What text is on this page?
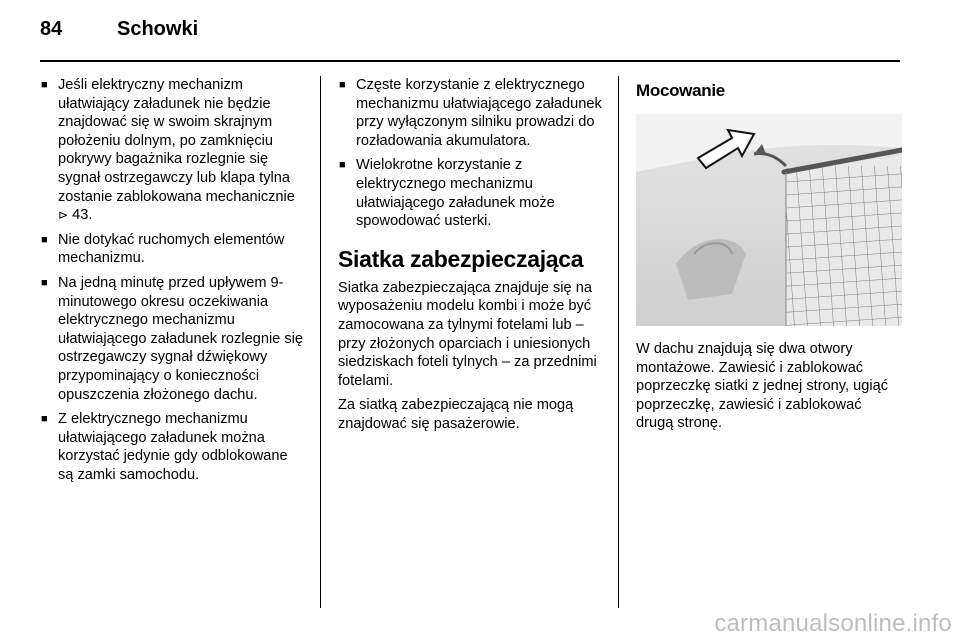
84	Schowki
■ Jeśli elektryczny mechanizm ułatwiający załadunek nie będzie znajdować się w swoim skrajnym położeniu dolnym, po zamknięciu pokrywy bagażnika rozlegnie się sygnał ostrzegawczy lub klapa tylna zostanie zablokowana mechanicznie ⊳ 43.
■ Nie dotykać ruchomych elementów mechanizmu.
■ Na jedną minutę przed upływem 9-minutowego okresu oczekiwania elektrycznego mechanizmu ułatwiającego załadunek rozlegnie się ostrzegawczy sygnał dźwiękowy przypominający o konieczności opuszczenia złożonego dachu.
■ Z elektrycznego mechanizmu ułatwiającego załadunek można korzystać jedynie gdy odblokowane są zamki samochodu.
■ Częste korzystanie z elektrycznego mechanizmu ułatwiającego załadunek przy wyłączonym silniku prowadzi do rozładowania akumulatora.
■ Wielokrotne korzystanie z elektrycznego mechanizmu ułatwiającego załadunek może spowodować usterki.
Siatka zabezpieczająca

Siatka zabezpieczająca znajduje się na wyposażeniu modelu kombi i może być zamocowana za tylnymi fotelami lub – przy złożonych oparciach i uniesionych siedziskach foteli tylnych – za przednimi fotelami.

Za siatką zabezpieczającą nie mogą znajdować się pasażerowie.

Mocowanie

W dachu znajdują się dwa otwory montażowe. Zawiesić i zablokować poprzeczkę siatki z jednej strony, ugiąć poprzeczkę, zawiesić i zablokować drugą stronę.

carmanualsonline.info
